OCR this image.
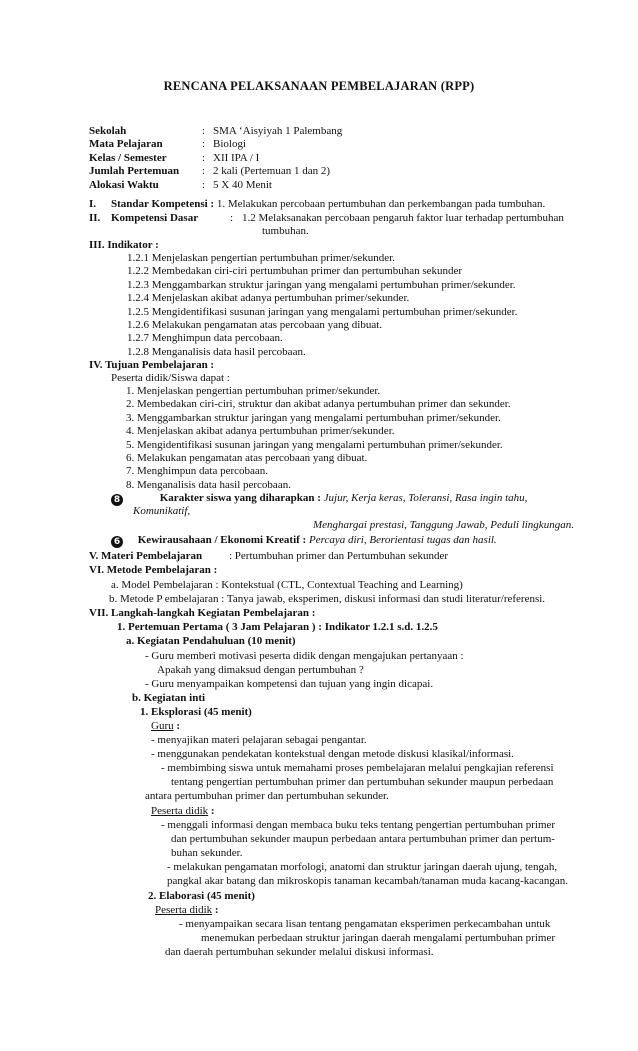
RENCANA PELAKSANAAN PEMBELAJARAN (RPP)
Sekolah	: SMA ‘Aisyiyah 1 Palembang
Mata Pelajaran	: Biologi
Kelas / Semester	: XII IPA / I
Jumlah Pertemuan : 2 kali (Pertemuan 1 dan 2)
Alokasi Waktu	: 5 X 40 Menit
I. Standar Kompetensi : 1. Melakukan percobaan pertumbuhan dan perkembangan pada tumbuhan.
II. Kompetensi Dasar	: 1.2 Melaksanakan percobaan pengaruh faktor luar terhadap pertumbuhan
tumbuhan.
III. Indikator :
1.2.1 Menjelaskan pengertian pertumbuhan primer/sekunder.
1.2.2 Membedakan ciri-ciri pertumbuhan primer dan pertumbuhan sekunder
1.2.3 Menggambarkan struktur jaringan yang mengalami pertumbuhan primer/sekunder.
1.2.4 Menjelaskan akibat adanya pertumbuhan primer/sekunder.
1.2.5 Mengidentifikasi susunan jaringan yang mengalami pertumbuhan primer/sekunder.
1.2.6 Melakukan pengamatan atas percobaan yang dibuat.
1.2.7 Menghimpun data percobaan.
1.2.8 Menganalisis data hasil percobaan.
IV. Tujuan Pembelajaran :
Peserta didik/Siswa dapat :
1. Menjelaskan pengertian pertumbuhan primer/sekunder.
2. Membedakan ciri-ciri, struktur dan akibat adanya pertumbuhan primer dan sekunder.
3. Menggambarkan struktur jaringan yang mengalami pertumbuhan primer/sekunder.
4. Menjelaskan akibat adanya pertumbuhan primer/sekunder.
5. Mengidentifikasi susunan jaringan yang mengalami pertumbuhan primer/sekunder.
6. Melakukan pengamatan atas percobaan yang dibuat.
7. Menghimpun data percobaan.
8. Menganalisis data hasil percobaan.
8	Karakter siswa yang diharapkan : Jujur, Kerja keras, Toleransi, Rasa ingin tahu,
Komunikatif,
Menghargai prestasi, Tanggung Jawab, Peduli lingkungan.
6 Kewirausahaan / Ekonomi Kreatif : Percaya diri, Berorientasi tugas dan hasil.
V. Materi Pembelajaran : Pertumbuhan primer dan Pertumbuhan sekunder
VI. Metode Pembelajaran :
a. Model Pembelajaran : Kontekstual (CTL, Contextual Teaching and Learning)
b. Metode P embelajaran : Tanya jawab, eksperimen, diskusi informasi dan studi literatur/referensi.
VII. Langkah-langkah Kegiatan Pembelajaran :
1. Pertemuan Pertama ( 3 Jam Pelajaran ) : Indikator 1.2.1 s.d. 1.2.5
a. Kegiatan Pendahuluan (10 menit)
- Guru memberi motivasi peserta didik dengan mengajukan pertanyaan :
Apakah yang dimaksud dengan pertumbuhan ?
- Guru menyampaikan kompetensi dan tujuan yang ingin dicapai.
b. Kegiatan inti
1. Eksplorasi (45 menit)
Guru :
- menyajikan materi pelajaran sebagai pengantar.
- menggunakan pendekatan kontekstual dengan metode diskusi klasikal/informasi.
- membimbing siswa untuk memahami proses pembelajaran melalui pengkajian referensi
tentang pengertian pertumbuhan primer dan pertumbuhan sekunder maupun perbedaan
antara pertumbuhan primer dan pertumbuhan sekunder.
Peserta didik :
- menggali informasi dengan membaca buku teks tentang pengertian pertumbuhan primer
dan pertumbuhan sekunder maupun perbedaan antara pertumbuhan primer dan pertum-
buhan sekunder.
- melakukan pengamatan morfologi, anatomi dan struktur jaringan daerah ujung, tengah,
pangkal akar batang dan mikroskopis tanaman kecambah/tanaman muda kacang-kacangan.
2. Elaborasi (45 menit)
Peserta didik :
- menyampaikan secara lisan tentang pengamatan eksperimen perkecambahan untuk
menemukan perbedaan struktur jaringan daerah mengalami pertumbuhan primer
dan daerah pertumbuhan sekunder melalui diskusi informasi.
